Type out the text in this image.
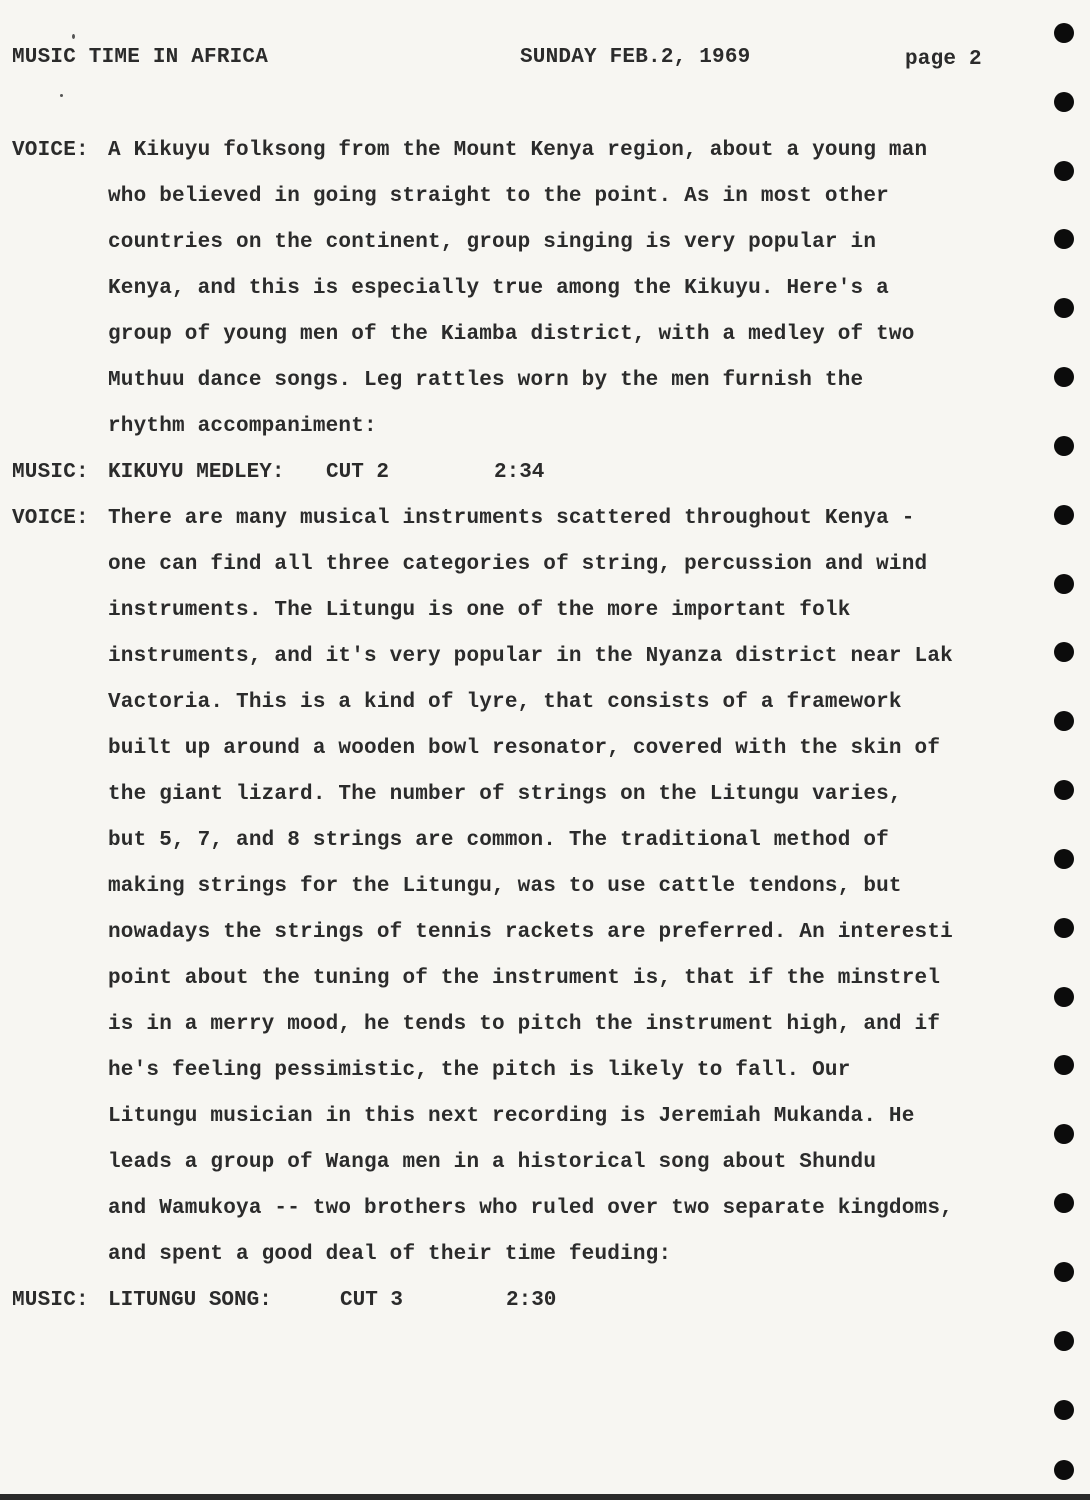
MUSIC TIME IN AFRICA	SUNDAY FEB.2, 1969	page 2
VOICE: A Kikuyu folksong from the Mount Kenya region, about a young man
who believed in going straight to the point. As in most other
countries on the continent, group singing is very popular in
Kenya, and this is especially true among the Kikuyu. Here's a
group of young men of the Kiamba district, with a medley of two
Muthuu dance songs. Leg rattles worn by the men furnish the
rhythm accompaniment:
MUSIC: KIKUYU MEDLEY: CUT 2	2:34
VOICE: There are many musical instruments scattered throughout Kenya -
one can find all three categories of string, percussion and wind
instruments. The Litungu is one of the more important folk
instruments, and it's very popular in the Nyanza district near Lak
Vactoria. This is a kind of lyre, that consists of a framework
built up around a wooden bowl resonator, covered with the skin of
the giant lizard. The number of strings on the Litungu varies,
but 5, 7, and 8 strings are common. The traditional method of
making strings for the Litungu, was to use cattle tendons, but
nowadays the strings of tennis rackets are preferred. An interesti
point about the tuning of the instrument is, that if the minstrel
is in a merry mood, he tends to pitch the instrument high, and if
he's feeling pessimistic, the pitch is likely to fall. Our
Litungu musician in this next recording is Jeremiah Mukanda. He
leads a group of Wanga men in a historical song about Shundu
and Wamukoya -- two brothers who ruled over two separate kingdoms,
and spent a good deal of their time feuding:
MUSIC: LITUNGU SONG:	CUT 3	2:30
